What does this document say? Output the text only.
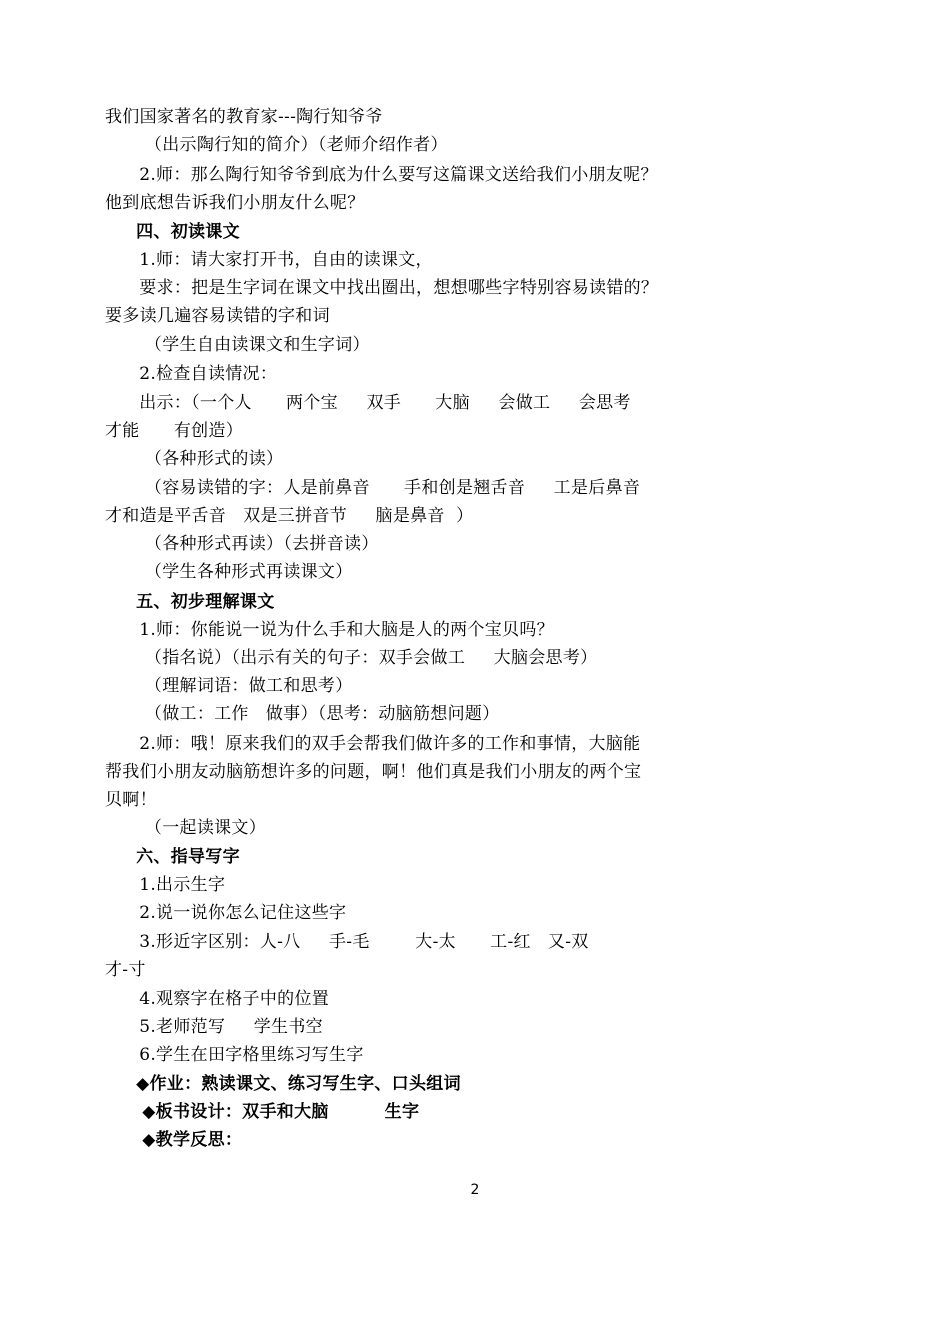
我们国家著名的教育家---陶行知爷爷
（出示陶行知的简介）（老师介绍作者）
2.师：那么陶行知爷爷到底为什么要写这篇课文送给我们小朋友呢？
他到底想告诉我们小朋友什么呢？
四、初读课文
1.师：请大家打开书，自由的读课文，
要求：把是生字词在课文中找出圈出，想想哪些字特别容易读错的？
要多读几遍容易读错的字和词
（学生自由读课文和生字词）
2.检查自读情况：
出示：（一个人      两个宝     双手      大脑     会做工     会思考
才能      有创造）
（各种形式的读）
（容易读错的字：人是前鼻音      手和创是翘舌音     工是后鼻音
才和造是平舌音   双是三拼音节     脑是鼻音  ）
（各种形式再读）（去拼音读）
（学生各种形式再读课文）
五、初步理解课文
1.师：你能说一说为什么手和大脑是人的两个宝贝吗？
（指名说）（出示有关的句子：双手会做工     大脑会思考）
（理解词语：做工和思考）
（做工：工作   做事）（思考：动脑筋想问题）
2.师：哦！原来我们的双手会帮我们做许多的工作和事情，大脑能
帮我们小朋友动脑筋想许多的问题，啊！他们真是我们小朋友的两个宝
贝啊！
（一起读课文）
六、指导写字
1.出示生字
2.说一说你怎么记住这些字
3.形近字区别：人-八     手-毛        大-太      工-红   又-双
才-寸
4.观察字在格子中的位置
5.老师范写     学生书空
6.学生在田字格里练习写生字
◆作业：熟读课文、练习写生字、口头组词
◆板书设计：双手和大脑         生字
◆教学反思：
2
